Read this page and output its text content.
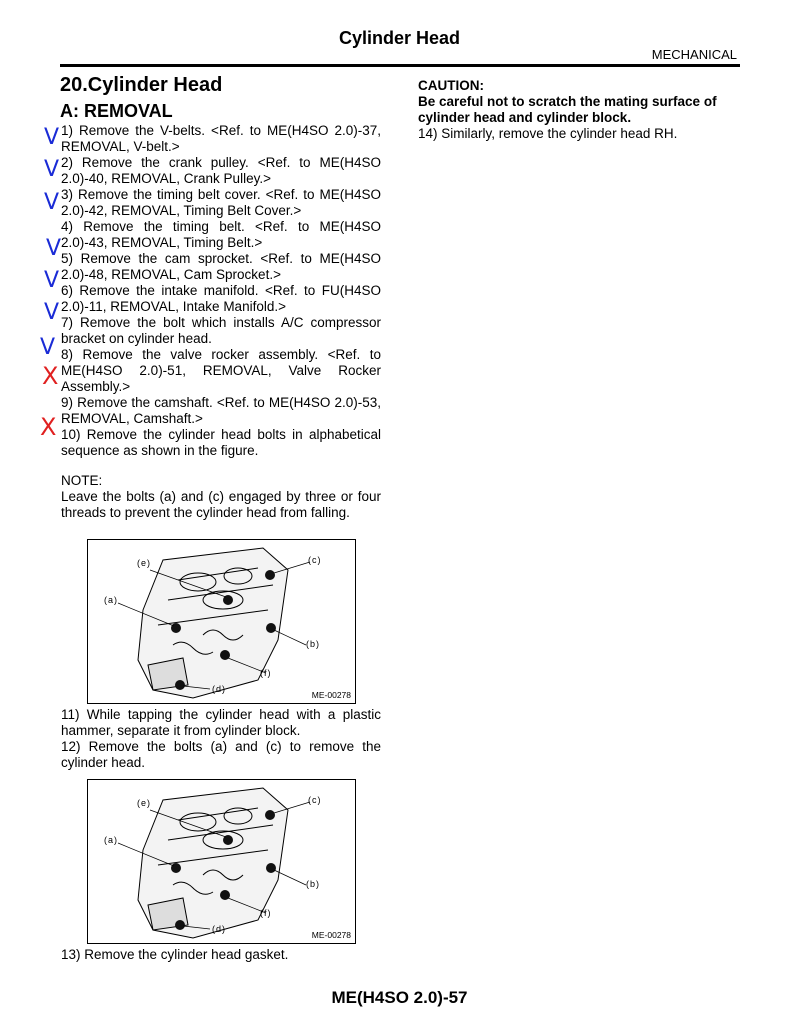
Cylinder Head
MECHANICAL
20.Cylinder Head
A: REMOVAL

1) Remove the V-belts. <Ref. to ME(H4SO 2.0)-37, REMOVAL, V-belt.>

2) Remove the crank pulley. <Ref. to ME(H4SO 2.0)-40, REMOVAL, Crank Pulley.>

3) Remove the timing belt cover. <Ref. to ME(H4SO 2.0)-42, REMOVAL, Timing Belt Cover.>

4) Remove the timing belt. <Ref. to ME(H4SO 2.0)-43, REMOVAL, Timing Belt.>

5) Remove the cam sprocket. <Ref. to ME(H4SO 2.0)-48, REMOVAL, Cam Sprocket.>

6) Remove the intake manifold. <Ref. to FU(H4SO 2.0)-11, REMOVAL, Intake Manifold.>

7) Remove the bolt which installs A/C compressor bracket on cylinder head.

8) Remove the valve rocker assembly. <Ref. to ME(H4SO 2.0)-51, REMOVAL, Valve Rocker Assembly.>

9) Remove the camshaft. <Ref. to ME(H4SO 2.0)-53, REMOVAL, Camshaft.>

10) Remove the cylinder head bolts in alphabetical sequence as shown in the figure.

NOTE:

Leave the bolts (a) and (c) engaged by three or four threads to prevent the cylinder head from falling.

(e)	(c)
(a)
(b)
(f)
(d)
ME-00278

11) While tapping the cylinder head with a plastic hammer, separate it from cylinder block.

12) Remove the bolts (a) and (c) to remove the cylinder head.

(e)	(c)
(a)
(b)
(f)
(d)
ME-00278

13) Remove the cylinder head gasket.

CAUTION:
Be careful not to scratch the mating surface of cylinder head and cylinder block.

14) Similarly, remove the cylinder head RH.

V
V
V
V
V
V
V
X
X
ME(H4SO 2.0)-57
